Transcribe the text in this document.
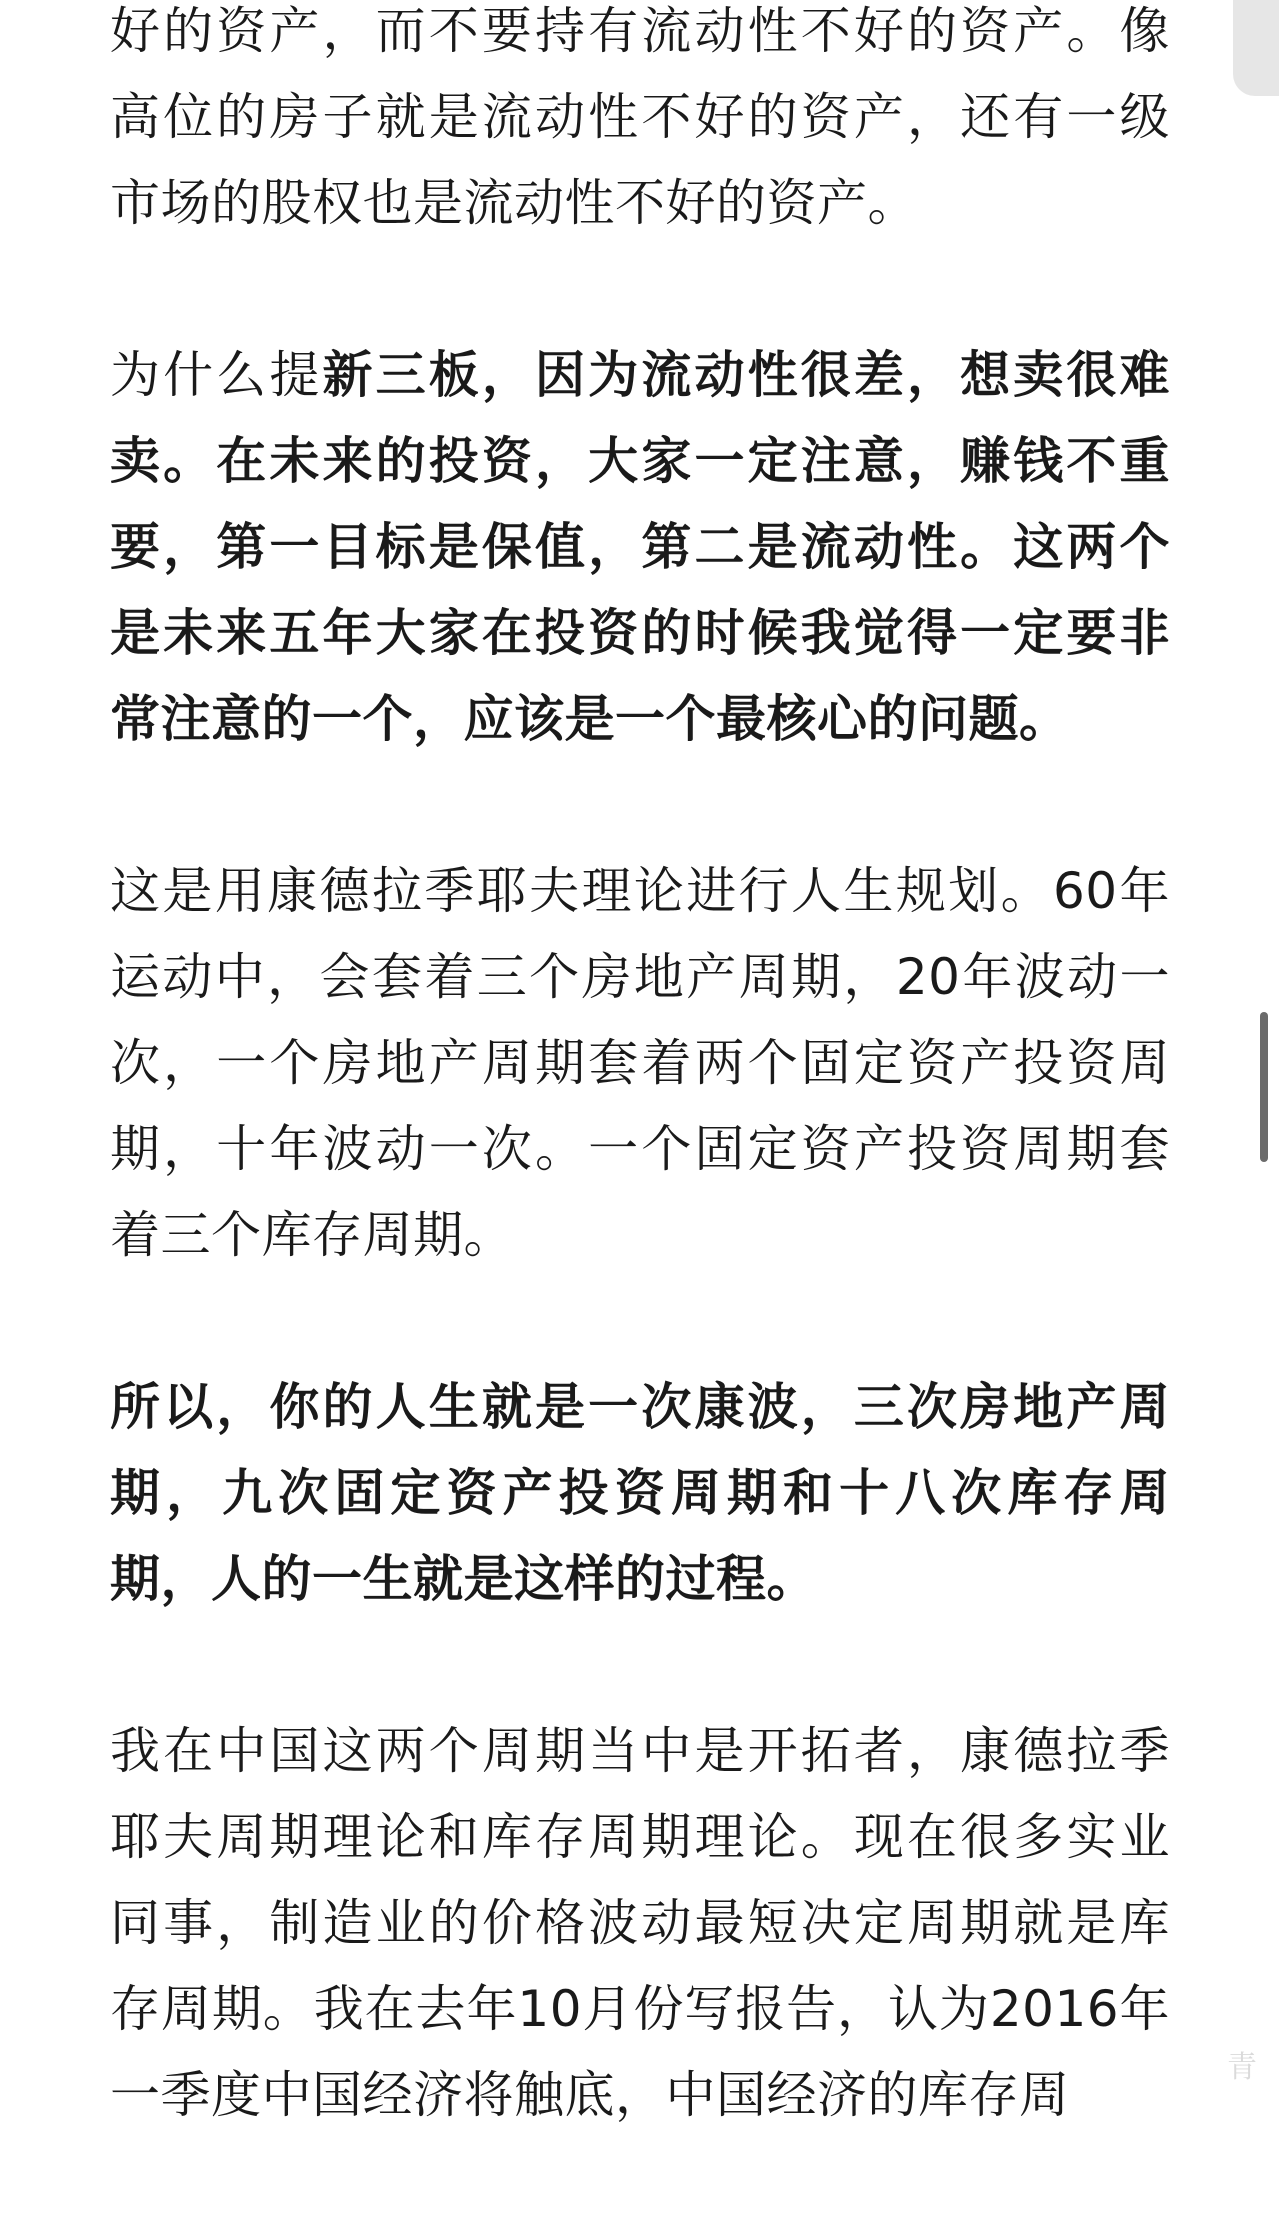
好的资产，而不要持有流动性不好的资产。像高位的房子就是流动性不好的资产，还有一级市场的股权也是流动性不好的资产。

为什么提新三板，因为流动性很差，想卖很难卖。在未来的投资，大家一定注意，赚钱不重要，第一目标是保值，第二是流动性。这两个是未来五年大家在投资的时候我觉得一定要非常注意的一个，应该是一个最核心的问题。

这是用康德拉季耶夫理论进行人生规划。60年运动中，会套着三个房地产周期，20年波动一次，一个房地产周期套着两个固定资产投资周期，十年波动一次。一个固定资产投资周期套着三个库存周期。

所以，你的人生就是一次康波，三次房地产周期，九次固定资产投资周期和十八次库存周期，人的一生就是这样的过程。

我在中国这两个周期当中是开拓者，康德拉季耶夫周期理论和库存周期理论。现在很多实业同事，制造业的价格波动最短决定周期就是库存周期。我在去年10月份写报告，认为2016年一季度中国经济将触底，中国经济的库存周	青
